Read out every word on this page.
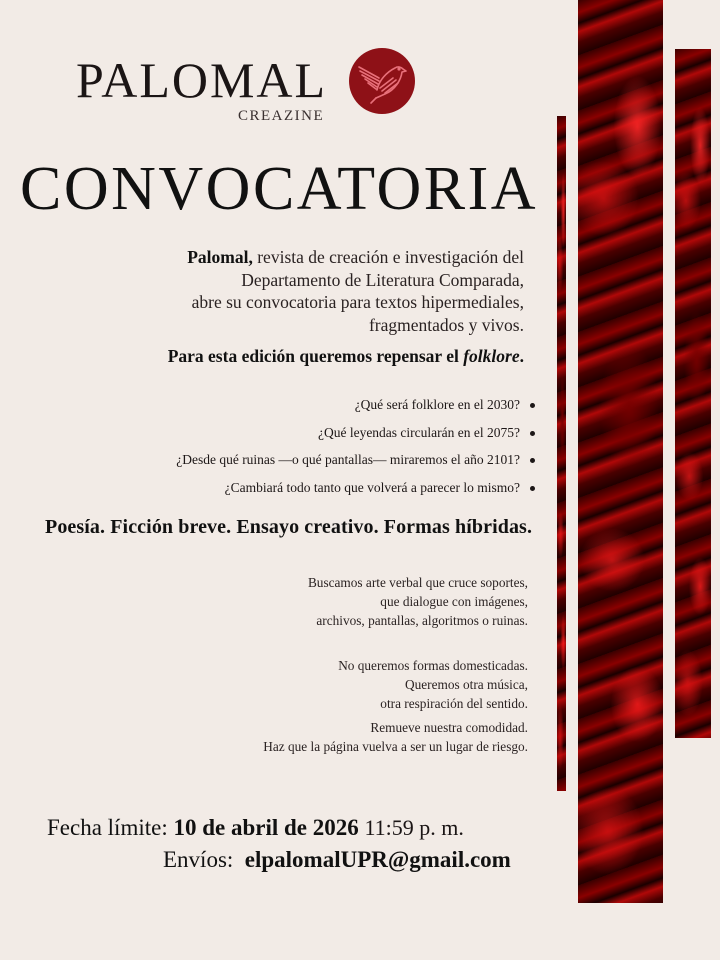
PALOMAL
CREAZINE
CONVOCATORIA
Palomal, revista de creación e investigación del
Departamento de Literatura Comparada,
abre su convocatoria para textos hipermediales,
fragmentados y vivos.
Para esta edición queremos repensar el folklore.
¿Qué será folklore en el 2030?
¿Qué leyendas circularán en el 2075?
¿Desde qué ruinas —o qué pantallas— miraremos el año 2101?
¿Cambiará todo tanto que volverá a parecer lo mismo?
Poesía. Ficción breve. Ensayo creativo. Formas híbridas.
Buscamos arte verbal que cruce soportes,
que dialogue con imágenes,
archivos, pantallas, algoritmos o ruinas.
No queremos formas domesticadas.
Queremos otra música,
otra respiración del sentido.
Remueve nuestra comodidad.
Haz que la página vuelva a ser un lugar de riesgo.
Fecha límite: 10 de abril de 2026 11:59 p. m.
Envíos: elpalomalUPR@gmail.com
